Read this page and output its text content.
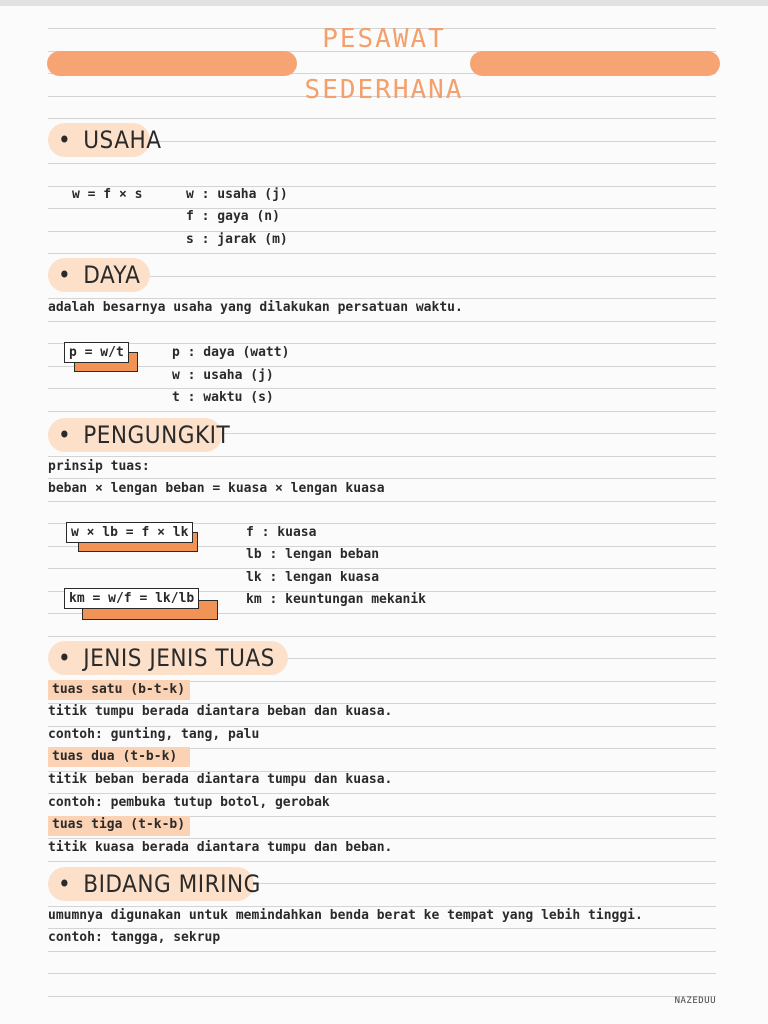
PESAWAT
SEDERHANA
• USAHA
w = f × s	w : usaha (j)
f : gaya (n)
s : jarak (m)
• DAYA
adalah besarnya usaha yang dilakukan persatuan waktu.
p = w/t	p : daya (watt)
w : usaha (j)
t : waktu (s)
• PENGUNGKIT
prinsip tuas:
beban × lengan beban = kuasa × lengan kuasa
w × lb = f × lk
km = w/f = lk/lb
f : kuasa
lb : lengan beban
lk : lengan kuasa
km : keuntungan mekanik
• JENIS JENIS TUAS
tuas satu (b-t-k)
titik tumpu berada diantara beban dan kuasa.
contoh: gunting, tang, palu
tuas dua (t-b-k)
titik beban berada diantara tumpu dan kuasa.
contoh: pembuka tutup botol, gerobak
tuas tiga (t-k-b)
titik kuasa berada diantara tumpu dan beban.
• BIDANG MIRING
umumnya digunakan untuk memindahkan benda berat ke tempat yang lebih tinggi.
contoh: tangga, sekrup
NAZEDUU
